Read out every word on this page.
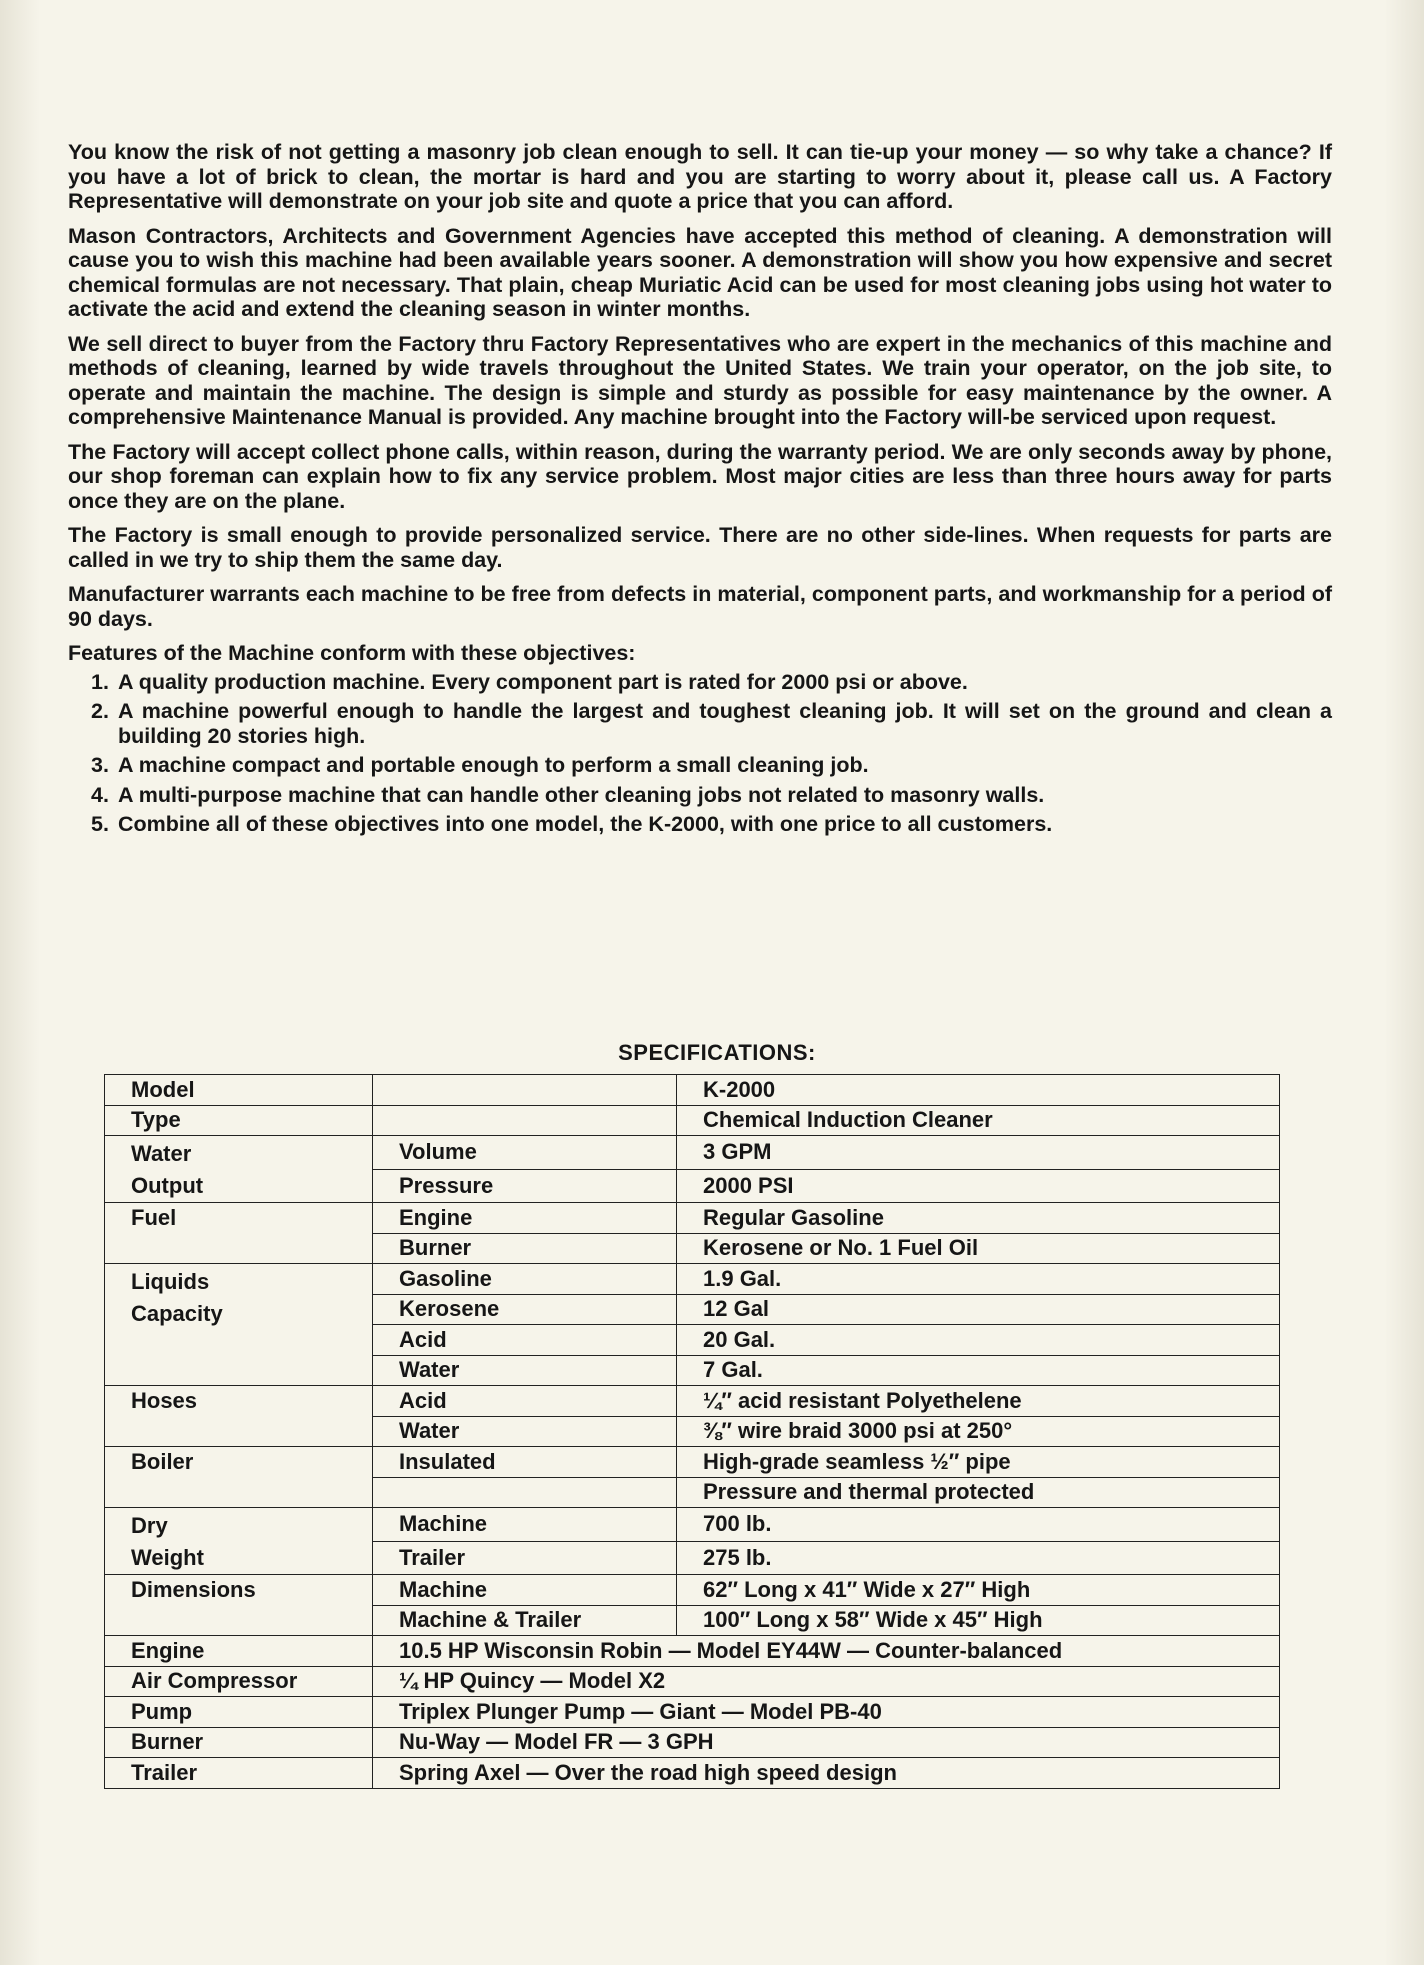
You know the risk of not getting a masonry job clean enough to sell. It can tie-up your money — so why take a chance? If you have a lot of brick to clean, the mortar is hard and you are starting to worry about it, please call us. A Factory Representative will demonstrate on your job site and quote a price that you can afford.

Mason Contractors, Architects and Government Agencies have accepted this method of cleaning. A demonstration will cause you to wish this machine had been available years sooner. A demonstration will show you how expensive and secret chemical formulas are not necessary. That plain, cheap Muriatic Acid can be used for most cleaning jobs using hot water to activate the acid and extend the cleaning season in winter months.

We sell direct to buyer from the Factory thru Factory Representatives who are expert in the mechanics of this machine and methods of cleaning, learned by wide travels throughout the United States. We train your operator, on the job site, to operate and maintain the machine. The design is simple and sturdy as possible for easy maintenance by the owner. A comprehensive Maintenance Manual is provided. Any machine brought into the Factory will-be serviced upon request.

The Factory will accept collect phone calls, within reason, during the warranty period. We are only seconds away by phone, our shop foreman can explain how to fix any service problem. Most major cities are less than three hours away for parts once they are on the plane.

The Factory is small enough to provide personalized service. There are no other side-lines. When requests for parts are called in we try to ship them the same day.

Manufacturer warrants each machine to be free from defects in material, component parts, and workmanship for a period of 90 days.

Features of the Machine conform with these objectives:
1. A quality production machine. Every component part is rated for 2000 psi or above.
2. A machine powerful enough to handle the largest and toughest cleaning job. It will set on the ground and clean a building 20 stories high.
3. A machine compact and portable enough to perform a small cleaning job.
4. A multi-purpose machine that can handle other cleaning jobs not related to masonry walls.
5. Combine all of these objectives into one model, the K-2000, with one price to all customers.
SPECIFICATIONS:
Model		K-2000
Type		Chemical Induction Cleaner

Water
Output	Volume	3 GPM
	Pressure	2000 PSI
Fuel	Engine	Regular Gasoline
	Burner	Kerosene or No. 1 Fuel Oil

Liquids
Capacity	Gasoline	1.9 Gal.
	Kerosene	12 Gal
	Acid	20 Gal.
	Water	7 Gal.
Hoses	Acid	¼″ acid resistant Polyethelene
	Water	⅜″ wire braid 3000 psi at 250°
Boiler	Insulated	High-grade seamless ½″ pipe
		Pressure and thermal protected

Dry
Weight	Machine	700 lb.
	Trailer	275 lb.
Dimensions	Machine	62″ Long x 41″ Wide x 27″ High
	Machine & Trailer	100″ Long x 58″ Wide x 45″ High
Engine	10.5 HP Wisconsin Robin — Model EY44W — Counter-balanced	
Air Compressor	¼ HP Quincy — Model X2	
Pump	Triplex Plunger Pump — Giant — Model PB-40	
Burner	Nu-Way — Model FR — 3 GPH	
Trailer	Spring Axel — Over the road high speed design	
